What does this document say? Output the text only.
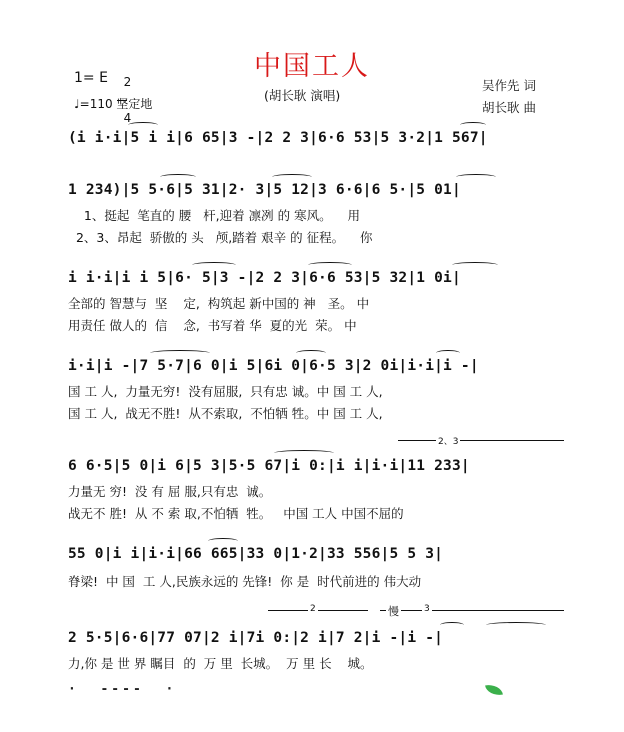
中国工人
(胡长耿 演唱)
1= E	2

4

♩=110 坚定地
吴作先 词
胡长耿 曲
(i i·i|5 i i|6 65|3 -|2 2 3|6·6 53|5 3·2|1 567|
1 234)|5 5·6|5 31|2· 3|5 12|3 6·6|6 5·|5 01|
1、挺起  笔直的 腰   杆,迎着 凛冽 的 寒风。    用
2、3、昂起  骄傲的 头   颅,踏着 艰辛 的 征程。    你
i i·i|i i 5|6· 5|3 -|2 2 3|6·6 53|5 32|1 0i|
全部的 智慧与  坚    定,  构筑起 新中国的 神   圣。 中
用责任 做人的  信    念,  书写着 华  夏的光  荣。 中
i·i|i -|7 5·7|6 0|i 5|6i 0|6·5 3|2 0i|i·i|i -|
国 工 人,  力量无穷!  没有屈服,  只有忠 诚。中 国 工 人,
国 工 人,  战无不胜!  从不索取,  不怕牺 牲。中 国 工 人,
2、3
6 6·5|5 0|i 6|5 3|5·5 67|i 0:|i i|i·i|11 233|
力量无 穷!  没 有 屈 服,只有忠  诚。
战无不 胜!  从 不 索 取,不怕牺  牲。   中国 工人 中国不屈的
55 0|i i|i·i|66 665|33 0|1·2|33 556|5 5 3|
脊梁!  中 国  工 人,民族永远的 先锋!  你 是  时代前进的 伟大动
2	慢	3
2 5·5|6·6|77 07|2 i|7i 0:|2 i|7 2|i -|i -|
力,你 是 世 界 瞩目  的  万 里  长城。  万 里 长    城。
·  ----  ·
